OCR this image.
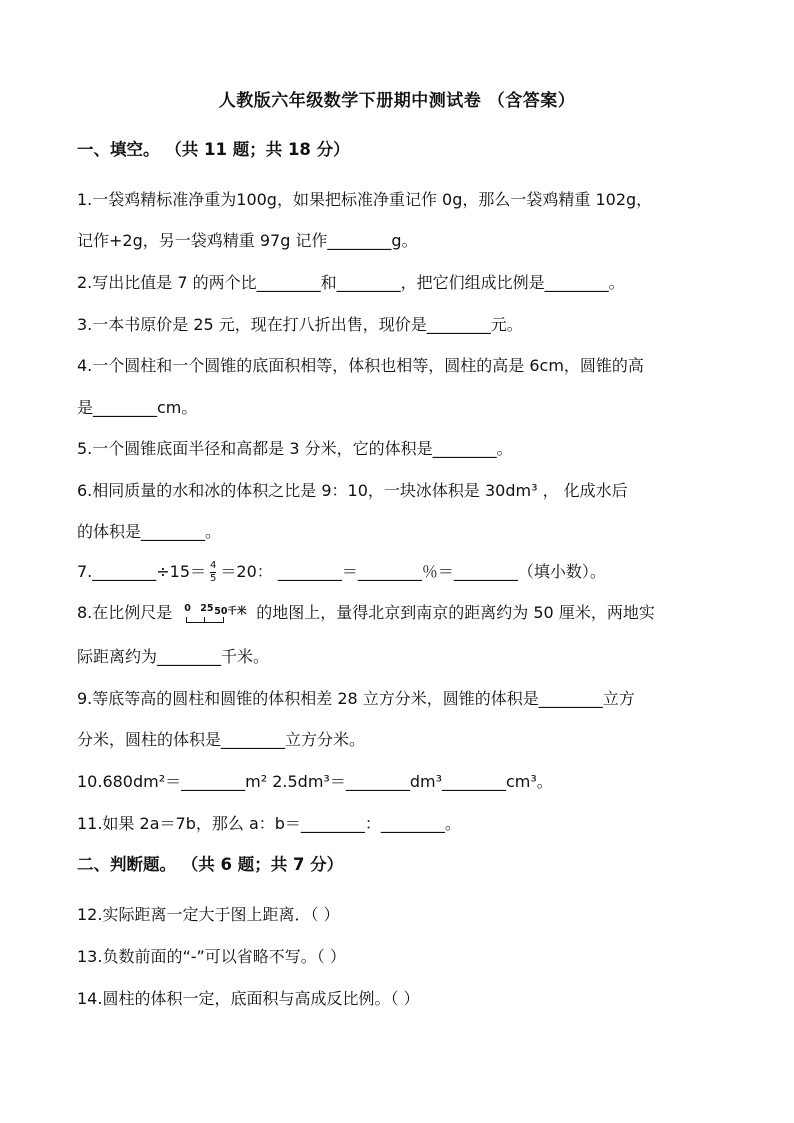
人教版六年级数学下册期中测试卷 （含答案）
一、填空。 （共 11 题；共 18 分）
1.一袋鸡精标准净重为100g，如果把标准净重记作 0g，那么一袋鸡精重 102g，
记作+2g，另一袋鸡精重 97g 记作________g。
2.写出比值是 7 的两个比________和________，把它们组成比例是________。
3.一本书原价是 25 元，现在打八折出售，现价是________元。
4.一个圆柱和一个圆锥的底面积相等，体积也相等，圆柱的高是 6cm，圆锥的高
是________cm。
5.一个圆锥底面半径和高都是 3 分米，它的体积是________。
6.相同质量的水和冰的体积之比是 9：10，一块冰体积是 30dm³ ， 化成水后
的体积是________。
7.________÷15＝ $\frac{4}{5} =20$： ________＝________％＝________（填小数）。
8.在比例尺是 0 25 50千米 的地图上，量得北京到南京的距离约为 50 厘米，两地实
际距离约为________千米。
9.等底等高的圆柱和圆锥的体积相差 28 立方分米，圆锥的体积是________立方
分米，圆柱的体积是________立方分米。
10.680dm²＝________m² 2.5dm³＝________dm³________cm³。
11.如果 2a＝7b，那么 a：b＝________：________。
二、判断题。 （共 6 题；共 7 分）
12.实际距离一定大于图上距离．（ ）
13.负数前面的“-”可以省略不写。（ ）
14.圆柱的体积一定，底面积与高成反比例。（ ）
